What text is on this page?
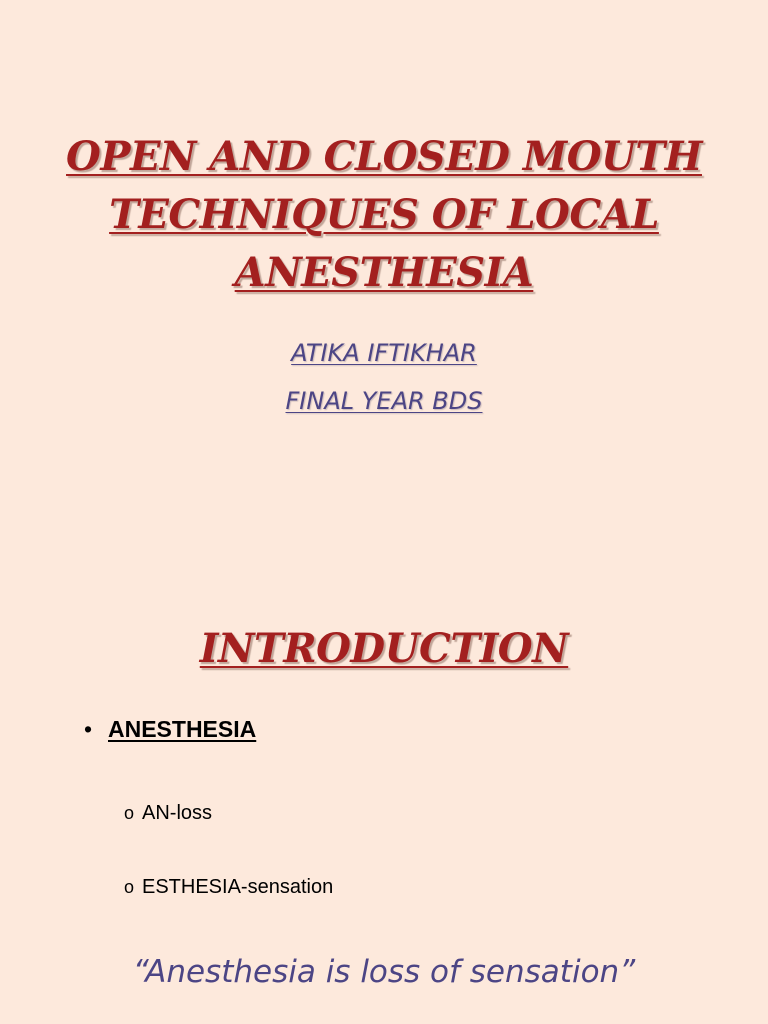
OPEN AND CLOSED MOUTH
TECHNIQUES OF LOCAL
ANESTHESIA
ATIKA IFTIKHAR
FINAL YEAR BDS
INTRODUCTION
• ANESTHESIA
o AN-loss
o ESTHESIA-sensation
“Anesthesia is loss of sensation”
